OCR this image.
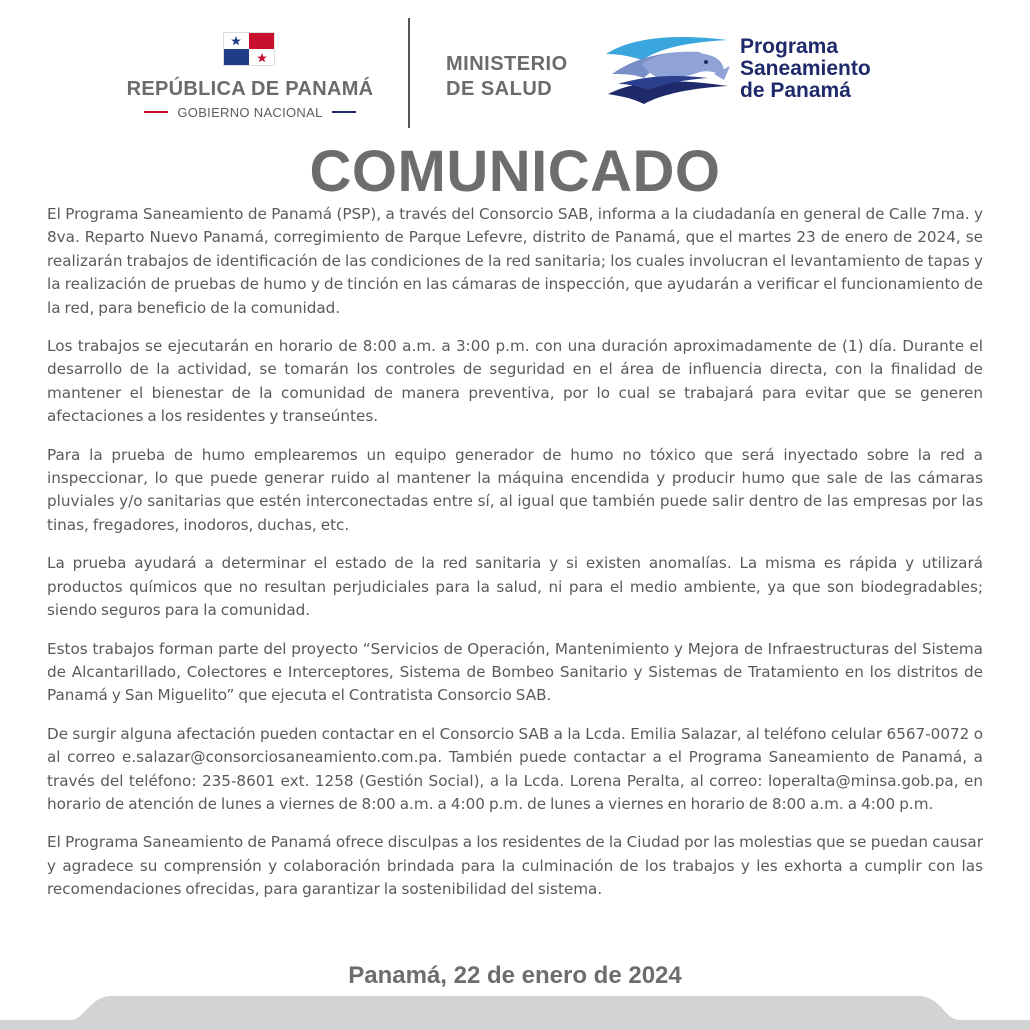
REPÚBLICA DE PANAMÁ
GOBIERNO NACIONAL
MINISTERIO
DE SALUD
Programa
Saneamiento
de Panamá
COMUNICADO

El Programa Saneamiento de Panamá (PSP), a través del Consorcio SAB, informa a la ciudadanía en general de Calle 7ma. y 8va. Reparto Nuevo Panamá, corregimiento de Parque Lefevre, distrito de Panamá, que el martes 23 de enero de 2024, se realizarán trabajos de identificación de las condiciones de la red sanitaria; los cuales involucran el levantamiento de tapas y la realización de pruebas de humo y de tinción en las cámaras de inspección, que ayudarán a verificar el funcionamiento de la red, para beneficio de la comunidad.

Los trabajos se ejecutarán en horario de 8:00 a.m. a 3:00 p.m. con una duración aproximadamente de (1) día. Durante el desarrollo de la actividad, se tomarán los controles de seguridad en el área de influencia directa, con la finalidad de mantener el bienestar de la comunidad de manera preventiva, por lo cual se trabajará para evitar que se generen afectaciones a los residentes y transeúntes.

Para la prueba de humo emplearemos un equipo generador de humo no tóxico que será inyectado sobre la red a inspeccionar, lo que puede generar ruido al mantener la máquina encendida y producir humo que sale de las cámaras pluviales y/o sanitarias que estén interconectadas entre sí, al igual que también puede salir dentro de las empresas por las tinas, fregadores, inodoros, duchas, etc.

La prueba ayudará a determinar el estado de la red sanitaria y si existen anomalías. La misma es rápida y utilizará productos químicos que no resultan perjudiciales para la salud, ni para el medio ambiente, ya que son biodegradables; siendo seguros para la comunidad.

Estos trabajos forman parte del proyecto “Servicios de Operación, Mantenimiento y Mejora de Infraestructuras del Sistema de Alcantarillado, Colectores e Interceptores, Sistema de Bombeo Sanitario y Sistemas de Tratamiento en los distritos de Panamá y San Miguelito” que ejecuta el Contratista Consorcio SAB.

De surgir alguna afectación pueden contactar en el Consorcio SAB a la Lcda. Emilia Salazar, al teléfono celular 6567-0072 o al correo e.salazar@consorciosaneamiento.com.pa. También puede contactar a el Programa Saneamiento de Panamá, a través del teléfono: 235-8601 ext. 1258 (Gestión Social), a la Lcda. Lorena Peralta, al correo: loperalta@minsa.gob.pa, en horario de atención de lunes a viernes de 8:00 a.m. a 4:00 p.m. de lunes a viernes en horario de 8:00 a.m. a 4:00 p.m.

El Programa Saneamiento de Panamá ofrece disculpas a los residentes de la Ciudad por las molestias que se puedan causar y agradece su comprensión y colaboración brindada para la culminación de los trabajos y les exhorta a cumplir con las recomendaciones ofrecidas, para garantizar la sostenibilidad del sistema.

Panamá, 22 de enero de 2024
